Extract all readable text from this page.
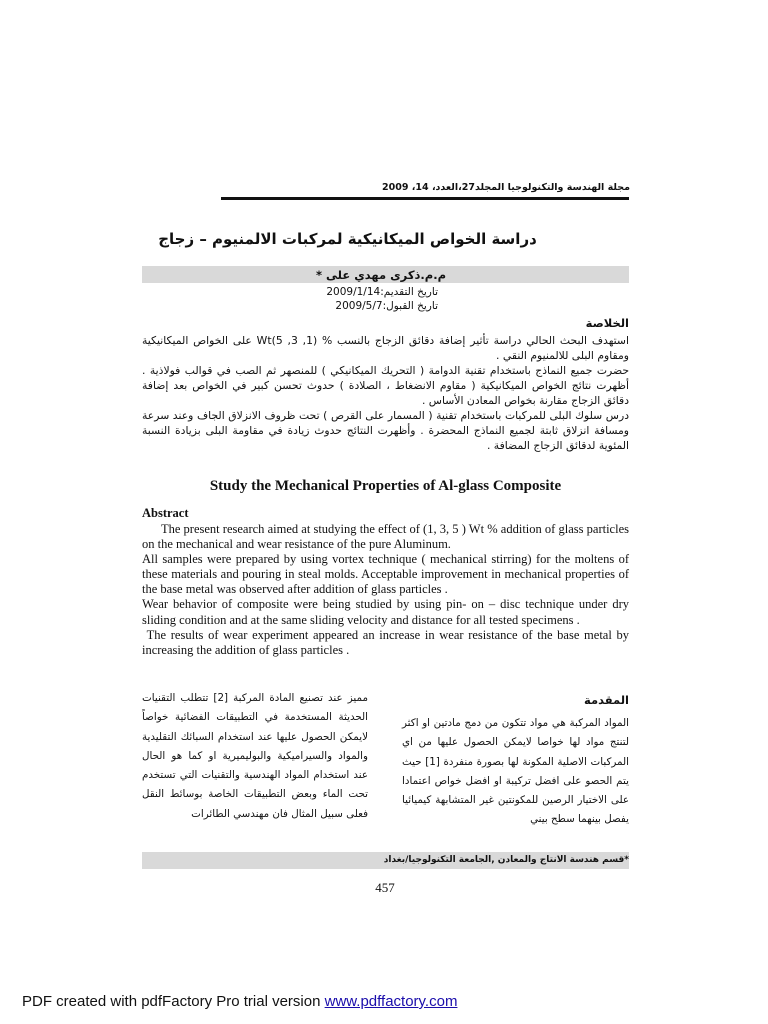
مجلة الهندسة والتكنولوجيا المجلد27،العدد، 14، 2009
دراسة الخواص الميكانيكية لمركبات الالمنيوم – زجاج
م.م.ذكرى مهدي على *
تاريخ التقديم:2009/1/14
تاريخ القبول:2009/5/7
الخلاصة

استهدف البحث الحالي دراسة تأثير إضافة دقائق الزجاج بالنسب % (1, 3, 5)Wt على الخواص الميكانيكية ومقاوم البلى للالمنيوم النقي .

حضرت جميع النماذج باستخدام تقنية الدوامة ( التحريك الميكانيكي ) للمنصهر ثم الصب في قوالب فولاذية . أظهرت نتائج الخواص الميكانيكية ( مقاوم الانضغاط ، الصلادة ) حدوث تحسن كبير في الخواص بعد إضافة دقائق الزجاج مقارنة بخواص المعادن الأساس .

درس سلوك البلى للمركبات باستخدام تقنية ( المسمار على القرص ) تحت ظروف الانزلاق الجاف وعند سرعة ومسافة انزلاق ثابتة لجميع النماذج المحضرة . وأظهرت النتائج حدوث زيادة في مقاومة البلى بزيادة النسبة المئوية لدقائق الزجاج المضافة .

Study the Mechanical Properties of Al-glass Composite
Abstract

The present research aimed at studying the effect of (1, 3, 5 ) Wt % addition of glass particles on the mechanical and wear resistance of the pure Aluminum.

All samples were prepared by using vortex technique ( mechanical stirring) for the moltens of these materials and pouring in steal molds. Acceptable improvement in mechanical properties of the base metal was observed after addition of glass particles .

Wear behavior of composite were being studied by using pin- on – disc technique under dry sliding condition and at the same sliding velocity and distance for all tested specimens .

The results of wear experiment appeared an increase in wear resistance of the base metal by  increasing the addition of glass particles .

المقدمة

المواد المركبة هي مواد تتكون من دمج مادتين او اكثر لتنتج مواد لها خواصا لايمكن الحصول عليها من اي المركبات الاصلية المكونة لها بصورة منفردة [1] حيث يتم الحصو على افضل تركيبة او افضل خواص اعتمادا على الاختيار الرصين للمكونتين غير المتشابهة كيميائيا يفصل بينهما سطح بيني

مميز عند تصنيع المادة المركبة [2] تتطلب التقنيات الحديثة المستخدمة في التطبيقات الفضائية خواصاً لايمكن الحصول عليها عند استخدام السبائك التقليدية والمواد والسيراميكية والبوليميرية او كما هو الحال عند استخدام المواد الهندسية والتقنيات التي تستخدم تحت الماء وبعض التطبيقات الخاصة بوسائط النقل فعلى سبيل المثال فان مهندسي الطائرات

*قسم هندسة الانتاج والمعادن ,الجامعة التكنولوجيا/بغداد
457
PDF created with pdfFactory Pro trial version www.pdffactory.com
